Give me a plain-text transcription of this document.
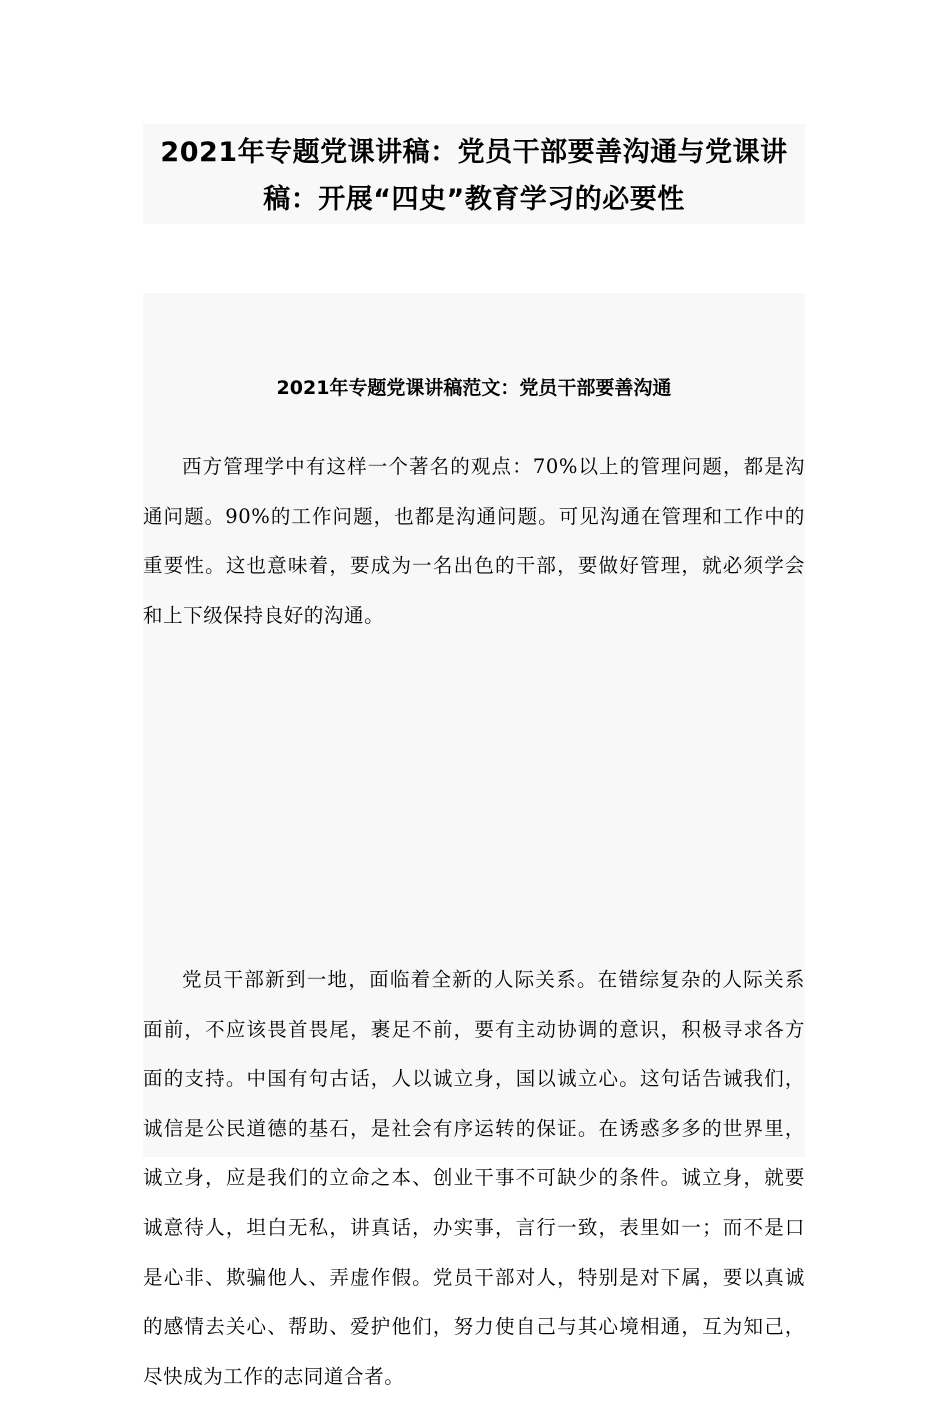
2021年专题党课讲稿：党员干部要善沟通与党课讲稿：开展“四史”教育学习的必要性
2021年专题党课讲稿范文：党员干部要善沟通

西方管理学中有这样一个著名的观点：70%以上的管理问题，都是沟通问题。90%的工作问题，也都是沟通问题。可见沟通在管理和工作中的重要性。这也意味着，要成为一名出色的干部，要做好管理，就必须学会和上下级保持良好的沟通。

党员干部新到一地，面临着全新的人际关系。在错综复杂的人际关系面前，不应该畏首畏尾，裹足不前，要有主动协调的意识，积极寻求各方面的支持。中国有句古话，人以诚立身，国以诚立心。这句话告诫我们，诚信是公民道德的基石，是社会有序运转的保证。在诱惑多多的世界里，诚立身，应是我们的立命之本、创业干事不可缺少的条件。诚立身，就要诚意待人，坦白无私，讲真话，办实事，言行一致，表里如一；而不是口是心非、欺骗他人、弄虚作假。党员干部对人，特别是对下属，要以真诚的感情去关心、帮助、爱护他们，努力使自己与其心境相通，互为知己，尽快成为工作的志同道合者。
